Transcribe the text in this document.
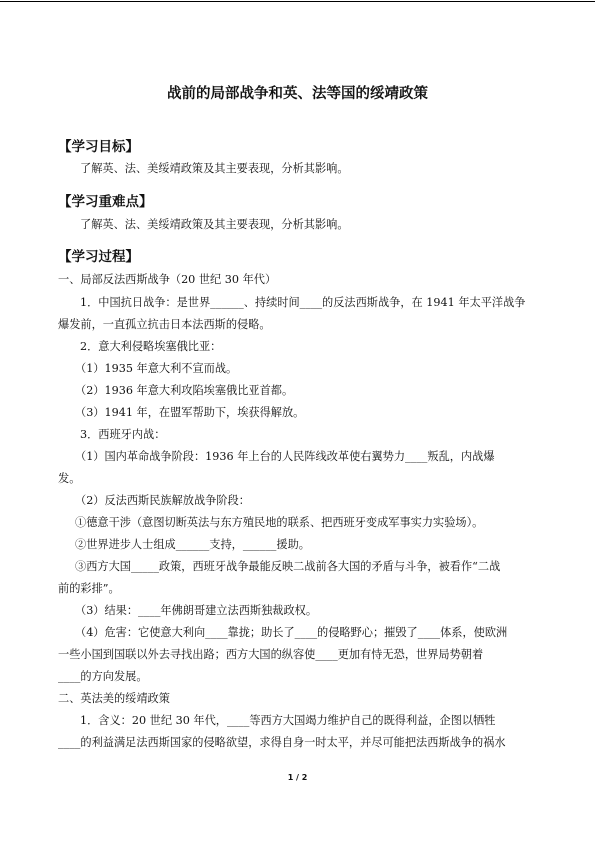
战前的局部战争和英、法等国的绥靖政策
【学习目标】
了解英、法、美绥靖政策及其主要表现，分析其影响。
【学习重难点】
了解英、法、美绥靖政策及其主要表现，分析其影响。
【学习过程】
一、局部反法西斯战争（20 世纪 30 年代）
1．中国抗日战争：是世界______、持续时间____的反法西斯战争，在 1941 年太平洋战争
爆发前，一直孤立抗击日本法西斯的侵略。
2．意大利侵略埃塞俄比亚：
（1）1935 年意大利不宣而战。
（2）1936 年意大利攻陷埃塞俄比亚首都。
（3）1941 年，在盟军帮助下，埃获得解放。
3．西班牙内战：
（1）国内革命战争阶段：1936 年上台的人民阵线改革使右翼势力____叛乱，内战爆
发。
（2）反法西斯民族解放战争阶段：
①德意干涉（意图切断英法与东方殖民地的联系、把西班牙变成军事实力实验场）。
②世界进步人士组成______支持，______援助。
③西方大国_____政策，西班牙战争最能反映二战前各大国的矛盾与斗争，被看作“二战
前的彩排”。
（3）结果：____年佛朗哥建立法西斯独裁政权。
（4）危害：它使意大利向____靠拢；助长了____的侵略野心；摧毁了____体系，使欧洲
一些小国到国联以外去寻找出路；西方大国的纵容使____更加有恃无恐，世界局势朝着
____的方向发展。
二、英法美的绥靖政策
1．含义：20 世纪 30 年代，____等西方大国竭力维护自己的既得利益，企图以牺牲
____的利益满足法西斯国家的侵略欲望，求得自身一时太平，并尽可能把法西斯战争的祸水
1 / 2
